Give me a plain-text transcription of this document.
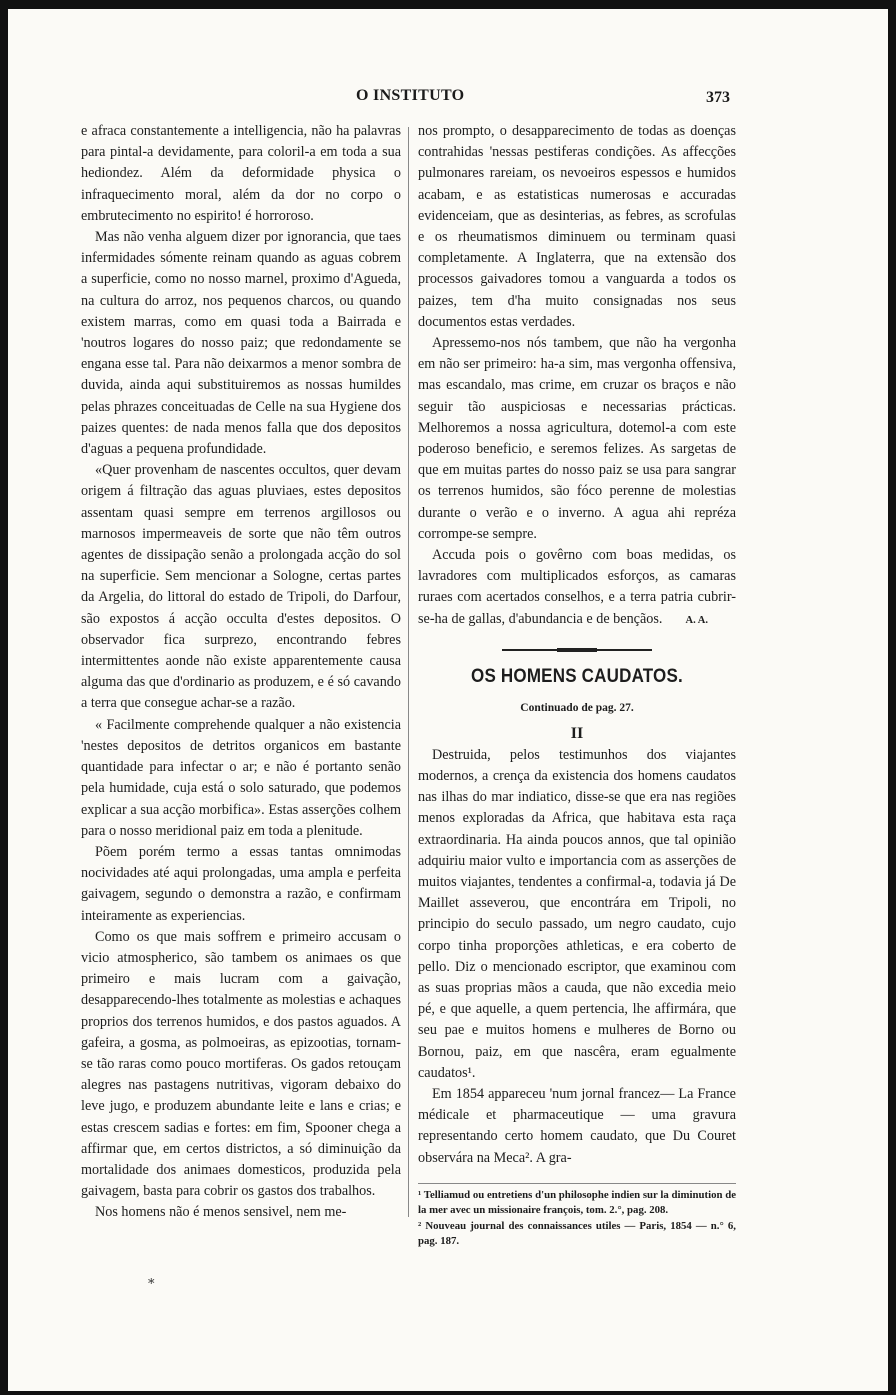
O INSTITUTO	373

e afraca constantemente a intelligencia, não ha palavras para pintal-a devidamente, para coloril-a em toda a sua hediondez. Além da deformidade physica o infraquecimento moral, além da dor no corpo o embrutecimento no espirito! é horroroso.

Mas não venha alguem dizer por ignorancia, que taes infermidades sómente reinam quando as aguas cobrem a superficie, como no nosso marnel, proximo d'Agueda, na cultura do arroz, nos pequenos charcos, ou quando existem marras, como em quasi toda a Bairrada e 'noutros logares do nosso paiz; que redondamente se engana esse tal. Para não deixarmos a menor sombra de duvida, ainda aqui substituiremos as nossas humildes pelas phrazes conceituadas de Celle na sua Hygiene dos paizes quentes: de nada menos falla que dos depositos d'aguas a pequena profundidade.

«Quer provenham de nascentes occultos, quer devam origem á filtração das aguas pluviaes, estes depositos assentam quasi sempre em terrenos argillosos ou marnosos impermeaveis de sorte que não têm outros agentes de dissipação senão a prolongada acção do sol na superficie. Sem mencionar a Sologne, certas partes da Argelia, do littoral do estado de Tripoli, do Darfour, são expostos á acção occulta d'estes depositos. O observador fica surprezo, encontrando febres intermittentes aonde não existe apparentemente causa alguma das que d'ordinario as produzem, e é só cavando a terra que consegue achar-se a razão.

« Facilmente comprehende qualquer a não existencia 'nestes depositos de detritos organicos em bastante quantidade para infectar o ar; e não é portanto senão pela humidade, cuja está o solo saturado, que podemos explicar a sua acção morbifica». Estas asserções colhem para o nosso meridional paiz em toda a plenitude.

Põem porém termo a essas tantas omnimodas nocividades até aqui prolongadas, uma ampla e perfeita gaivagem, segundo o demonstra a razão, e confirmam inteiramente as experiencias.

Como os que mais soffrem e primeiro accusam o vicio atmospherico, são tambem os animaes os que primeiro e mais lucram com a gaivação, desapparecendo-lhes totalmente as molestias e achaques proprios dos terrenos humidos, e dos pastos aguados. A gafeira, a gosma, as polmoeiras, as epizootias, tornam-se tão raras como pouco mortiferas. Os gados retouçam alegres nas pastagens nutritivas, vigoram debaixo do leve jugo, e produzem abundante leite e lans e crias; e estas crescem sadias e fortes: em fim, Spooner chega a affirmar que, em certos districtos, a só diminuição da mortalidade dos animaes domesticos, produzida pela gaivagem, basta para cobrir os gastos dos trabalhos.

Nos homens não é menos sensivel, nem me-

nos prompto, o desapparecimento de todas as doenças contrahidas 'nessas pestiferas condições. As affecções pulmonares rareiam, os nevoeiros espessos e humidos acabam, e as estatisticas numerosas e accuradas evidenceiam, que as desinterias, as febres, as scrofulas e os rheumatismos diminuem ou terminam quasi completamente. A Inglaterra, que na extensão dos processos gaivadores tomou a vanguarda a todos os paizes, tem d'ha muito consignadas nos seus documentos estas verdades.

Apressemo-nos nós tambem, que não ha vergonha em não ser primeiro: ha-a sim, mas vergonha offensiva, mas escandalo, mas crime, em cruzar os braços e não seguir tão auspiciosas e necessarias prácticas. Melhoremos a nossa agricultura, dotemol-a com este poderoso beneficio, e seremos felizes. As sargetas de que em muitas partes do nosso paiz se usa para sangrar os terrenos humidos, são fóco perenne de molestias durante o verão e o inverno. A agua ahi repréza corrompe-se sempre.

Accuda pois o govêrno com boas medidas, os lavradores com multiplicados esforços, as camaras ruraes com acertados conselhos, e a terra patria cubrir-se-ha de gallas, d'abundancia e de bençãos.	A. A.
OS HOMENS CAUDATOS.
Continuado de pag. 27.
II

Destruida, pelos testimunhos dos viajantes modernos, a crença da existencia dos homens caudatos nas ilhas do mar indiatico, disse-se que era nas regiões menos exploradas da Africa, que habitava esta raça extraordinaria. Ha ainda poucos annos, que tal opinião adquiriu maior vulto e importancia com as asserções de muitos viajantes, tendentes a confirmal-a, todavia já De Maillet asseverou, que encontrára em Tripoli, no principio do seculo passado, um negro caudato, cujo corpo tinha proporções athleticas, e era coberto de pello. Diz o mencionado escriptor, que examinou com as suas proprias mãos a cauda, que não excedia meio pé, e que aquelle, a quem pertencia, lhe affirmára, que seu pae e muitos homens e mulheres de Borno ou Bornou, paiz, em que nascêra, eram egualmente caudatos¹.

Em 1854 appareceu 'num jornal francez— La France médicale et pharmaceutique — uma gravura representando certo homem caudato, que Du Couret observára na Meca². A gra-

¹ Telliamud ou entretiens d'un philosophe indien sur la diminution de la mer avec un missionaire françois, tom. 2.°, pag. 208.

² Nouveau journal des connaissances utiles — Paris, 1854 — n.° 6, pag. 187.

*
